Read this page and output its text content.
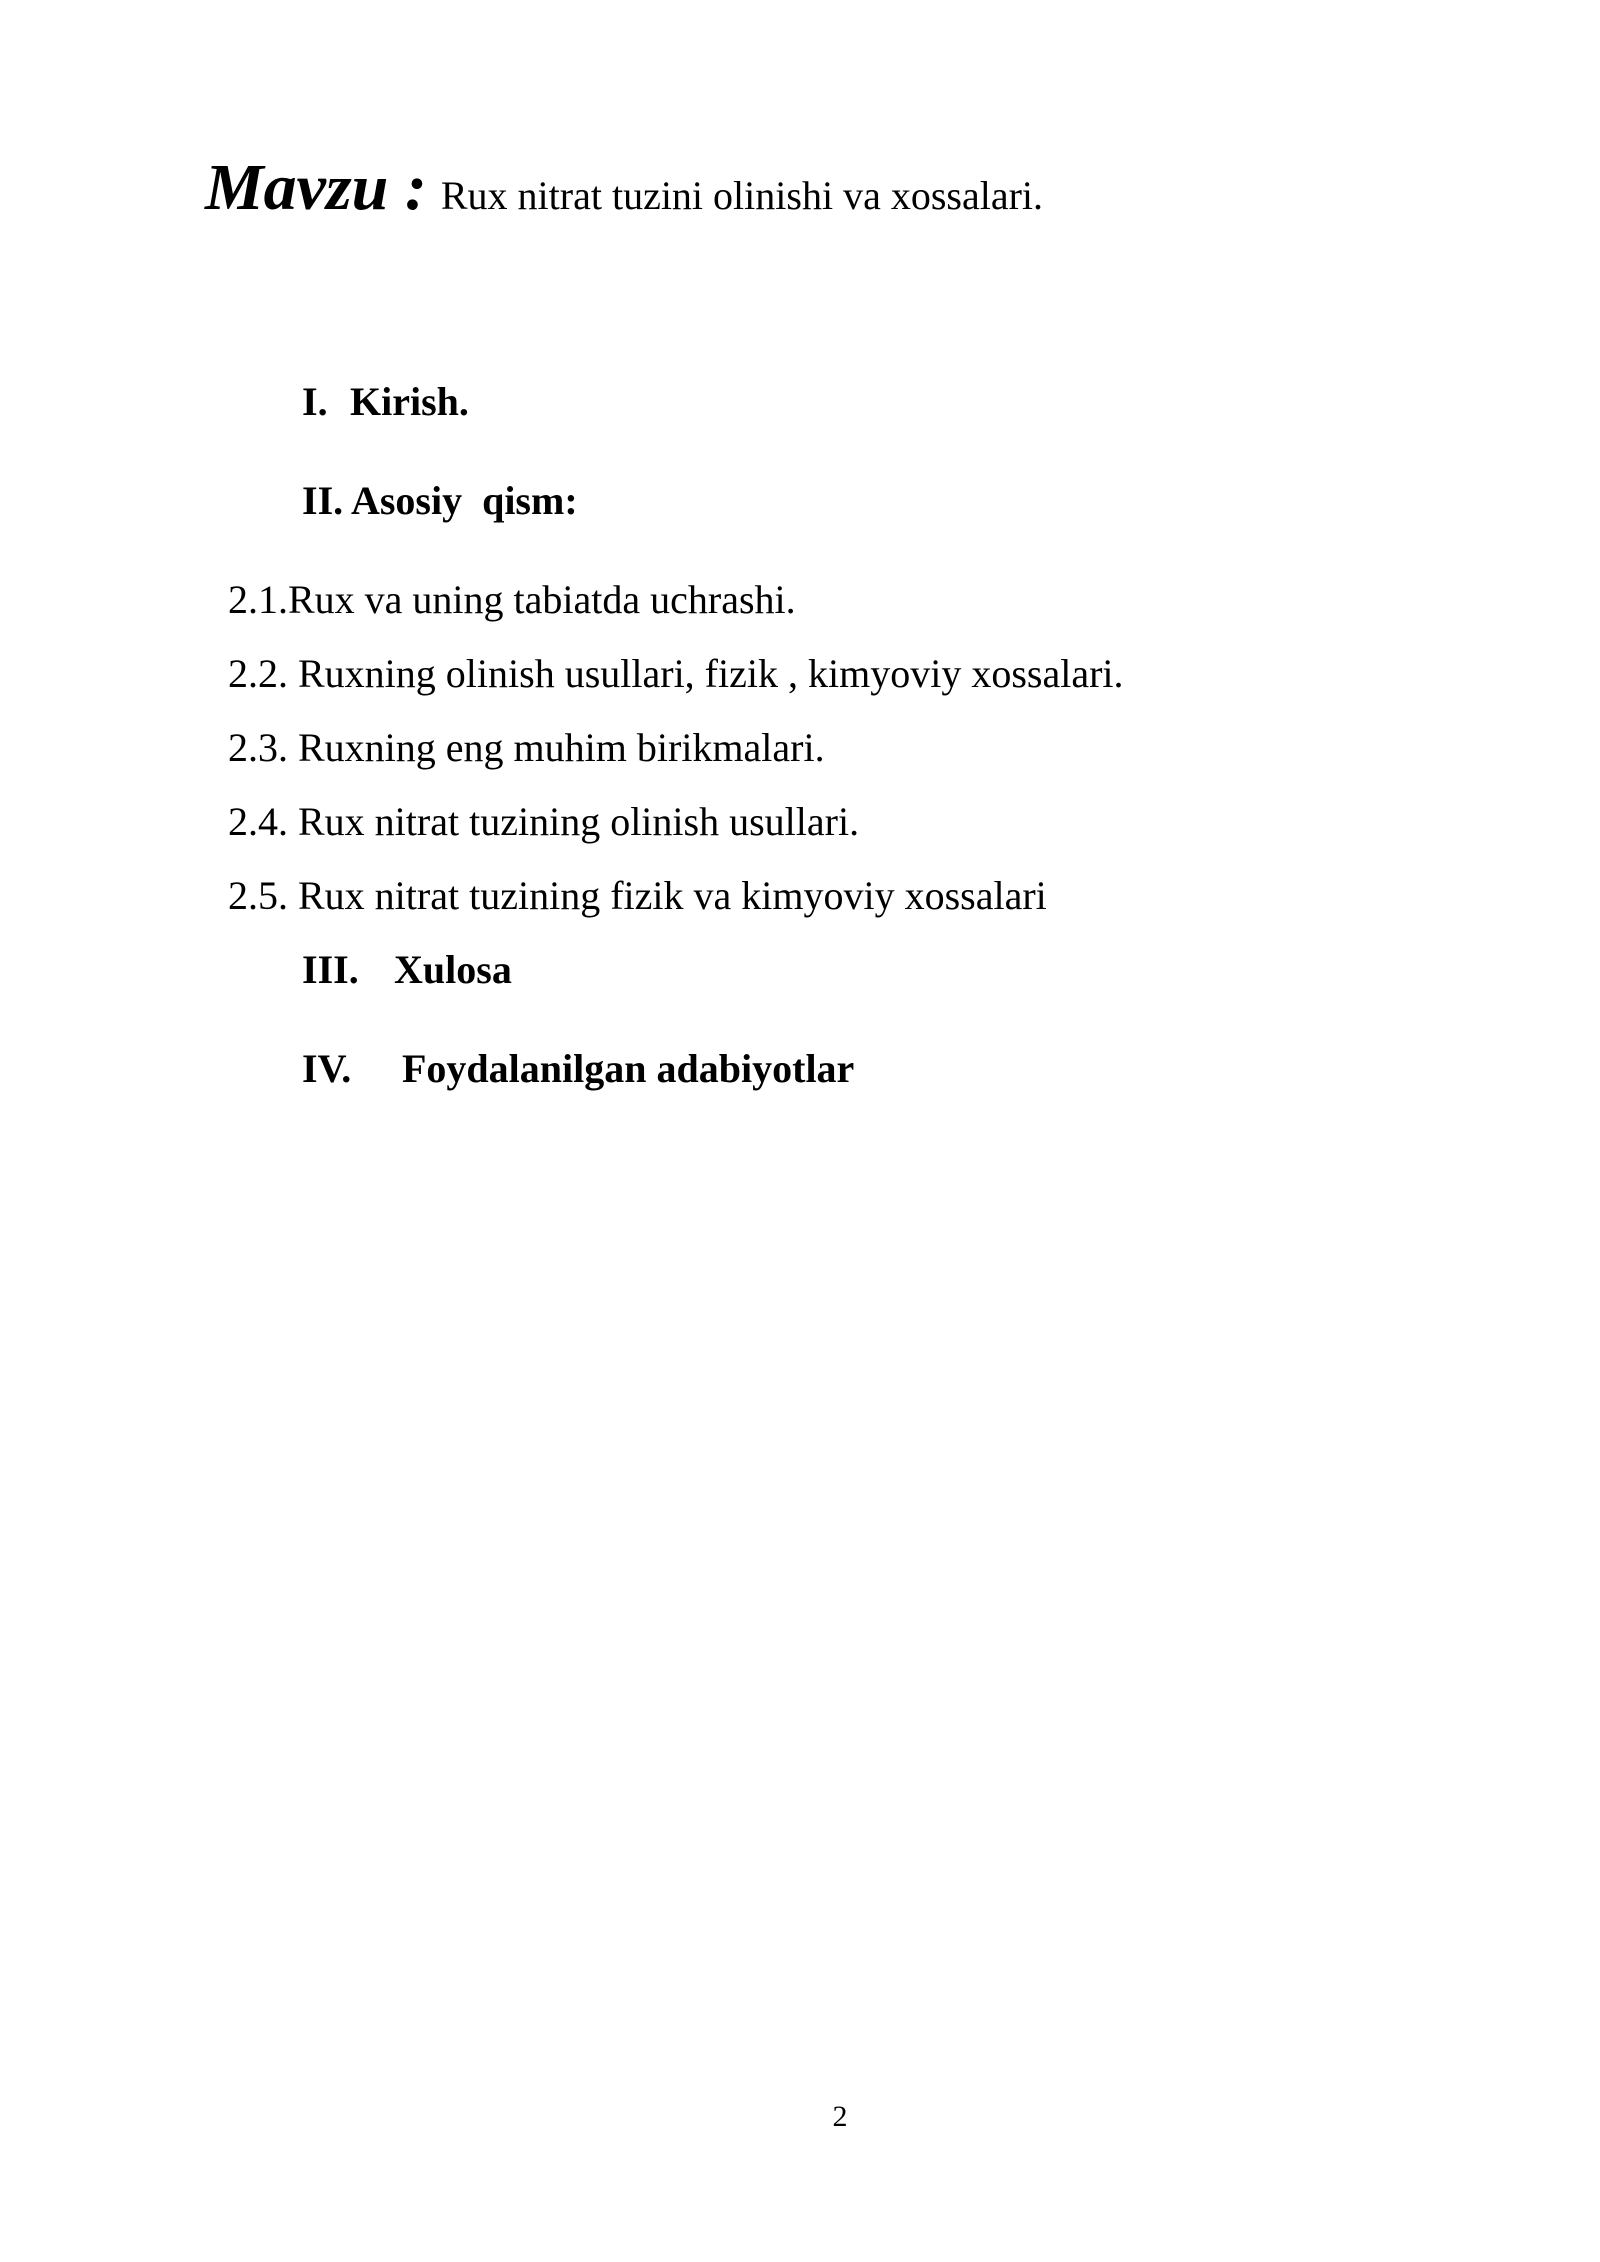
Mavzu : Rux nitrat tuzini olinishi va xossalari.
I. Kirish.
II. Asosiy  qism:
2.1.Rux va uning tabiatda uchrashi.
2.2. Ruxning olinish usullari, fizik , kimyoviy xossalari.
2.3. Ruxning eng muhim birikmalari.
2.4. Rux nitrat tuzining olinish usullari.
2.5. Rux nitrat tuzining fizik va kimyoviy xossalari
III. Xulosa
IV. Foydalanilgan adabiyotlar
2
